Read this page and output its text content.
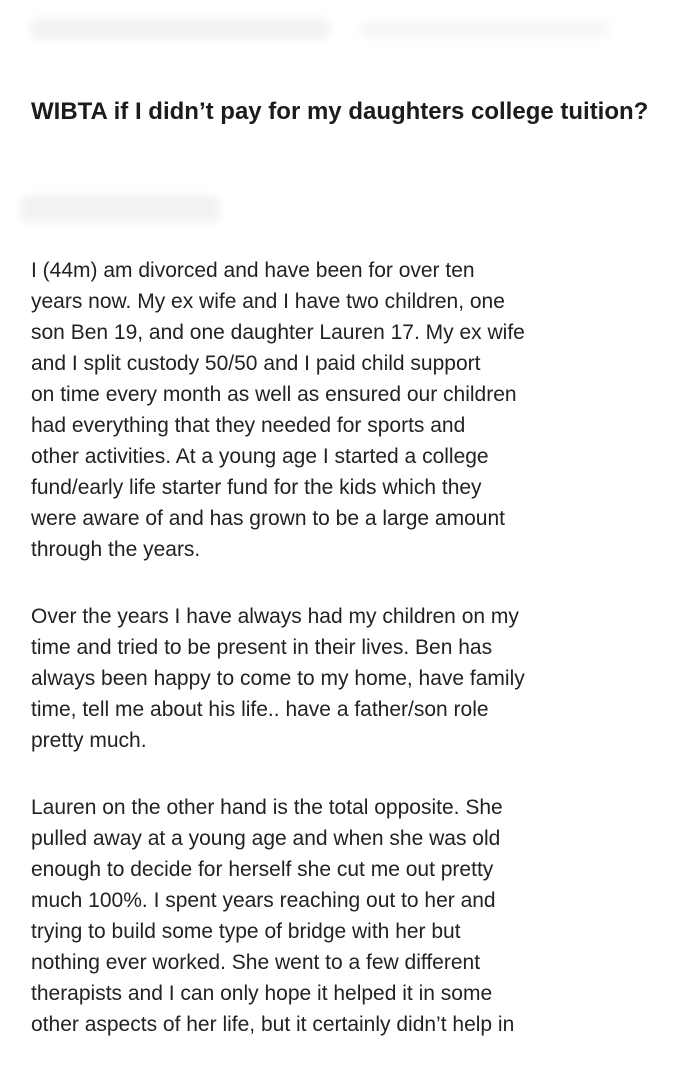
WIBTA if I didn’t pay for my daughters college tuition?

I (44m) am divorced and have been for over ten
years now. My ex wife and I have two children, one
son Ben 19, and one daughter Lauren 17. My ex wife
and I split custody 50/50 and I paid child support
on time every month as well as ensured our children
had everything that they needed for sports and
other activities. At a young age I started a college
fund/early life starter fund for the kids which they
were aware of and has grown to be a large amount
through the years.

Over the years I have always had my children on my
time and tried to be present in their lives. Ben has
always been happy to come to my home, have family
time, tell me about his life.. have a father/son role
pretty much.

Lauren on the other hand is the total opposite. She
pulled away at a young age and when she was old
enough to decide for herself she cut me out pretty
much 100%. I spent years reaching out to her and
trying to build some type of bridge with her but
nothing ever worked. She went to a few different
therapists and I can only hope it helped it in some
other aspects of her life, but it certainly didn’t help in
